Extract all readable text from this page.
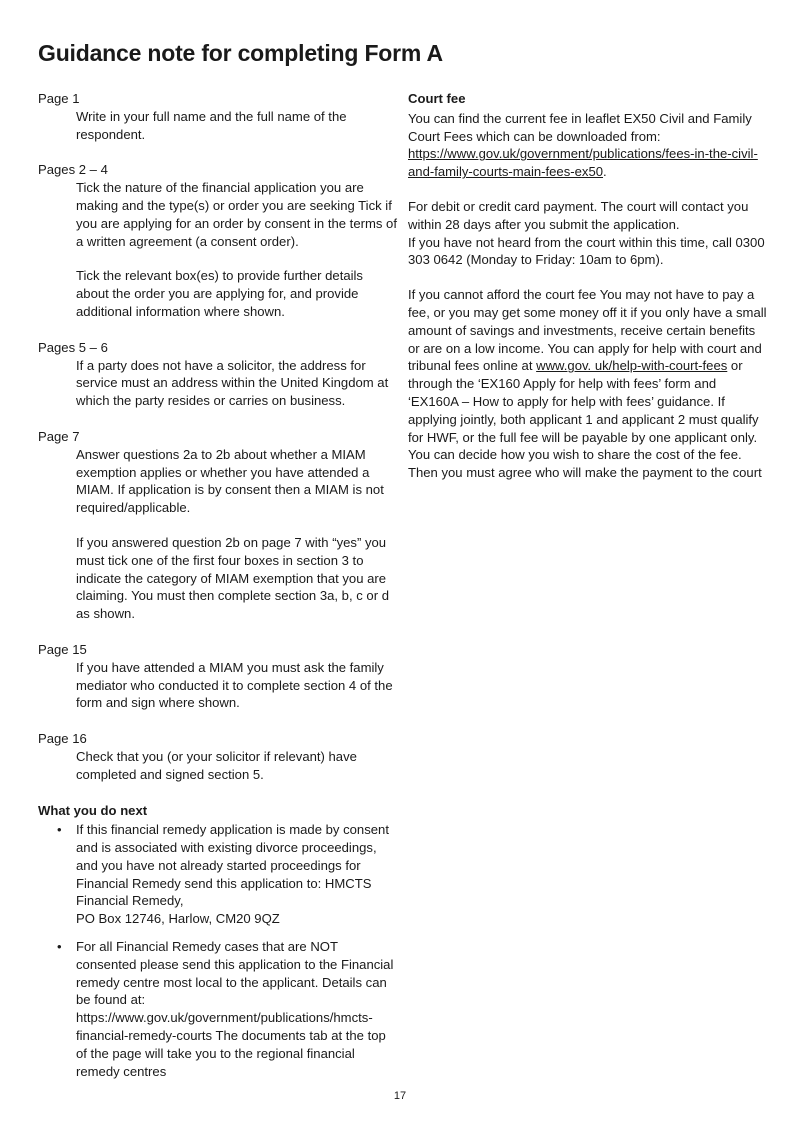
Guidance note for completing Form A

Page 1

Write in your full name and the full name of the respondent.

Pages 2 – 4

Tick the nature of the financial application you are making and the type(s) or order you are seeking Tick if you are applying for an order by consent in the terms of a written agreement (a consent order).

Tick the relevant box(es) to provide further details about the order you are applying for, and provide additional information where shown.

Pages 5 – 6

If a party does not have a solicitor, the address for service must an address within the United Kingdom at which the party resides or carries on business.

Page 7

Answer questions 2a to 2b about whether a MIAM exemption applies or whether you have attended a MIAM. If application is by consent then a MIAM is not required/applicable.

If you answered question 2b on page 7 with “yes” you must tick one of the first four boxes in section 3 to indicate the category of MIAM exemption that you are claiming. You must then complete section 3a, b, c or d as shown.

Page 15

If you have attended a MIAM you must ask the family mediator who conducted it to complete section 4 of the form and sign where shown.

Page 16

Check that you (or your solicitor if relevant) have completed and signed section 5.

What you do next

• If this financial remedy application is made by consent and is associated with existing divorce proceedings, and you have not already started proceedings for Financial Remedy send this application to: HMCTS Financial Remedy,
PO Box 12746, Harlow, CM20 9QZ
• For all Financial Remedy cases that are NOT consented please send this application to the Financial remedy centre most local to the applicant. Details can be found at: https://www.gov.uk/government/publications/hmcts-financial-remedy-courts The documents tab at the top of the page will take you to the regional financial remedy centres

Court fee

You can find the current fee in leaflet EX50 Civil and Family Court Fees which can be downloaded from: https://www.gov.uk/government/publications/fees-in-the-civil-and-family-courts-main-fees-ex50.

For debit or credit card payment. The court will contact you within 28 days after you submit the application.
If you have not heard from the court within this time, call 0300 303 0642 (Monday to Friday: 10am to 6pm).

If you cannot afford the court fee You may not have to pay a fee, or you may get some money off it if you only have a small amount of savings and investments, receive certain benefits or are on a low income. You can apply for help with court and tribunal fees online at www.gov. uk/help-with-court-fees or through the ‘EX160 Apply for help with fees’ form and ‘EX160A – How to apply for help with fees’ guidance. If applying jointly, both applicant 1 and applicant 2 must qualify for HWF, or the full fee will be payable by one applicant only. You can decide how you wish to share the cost of the fee. Then you must agree who will make the payment to the court

17
